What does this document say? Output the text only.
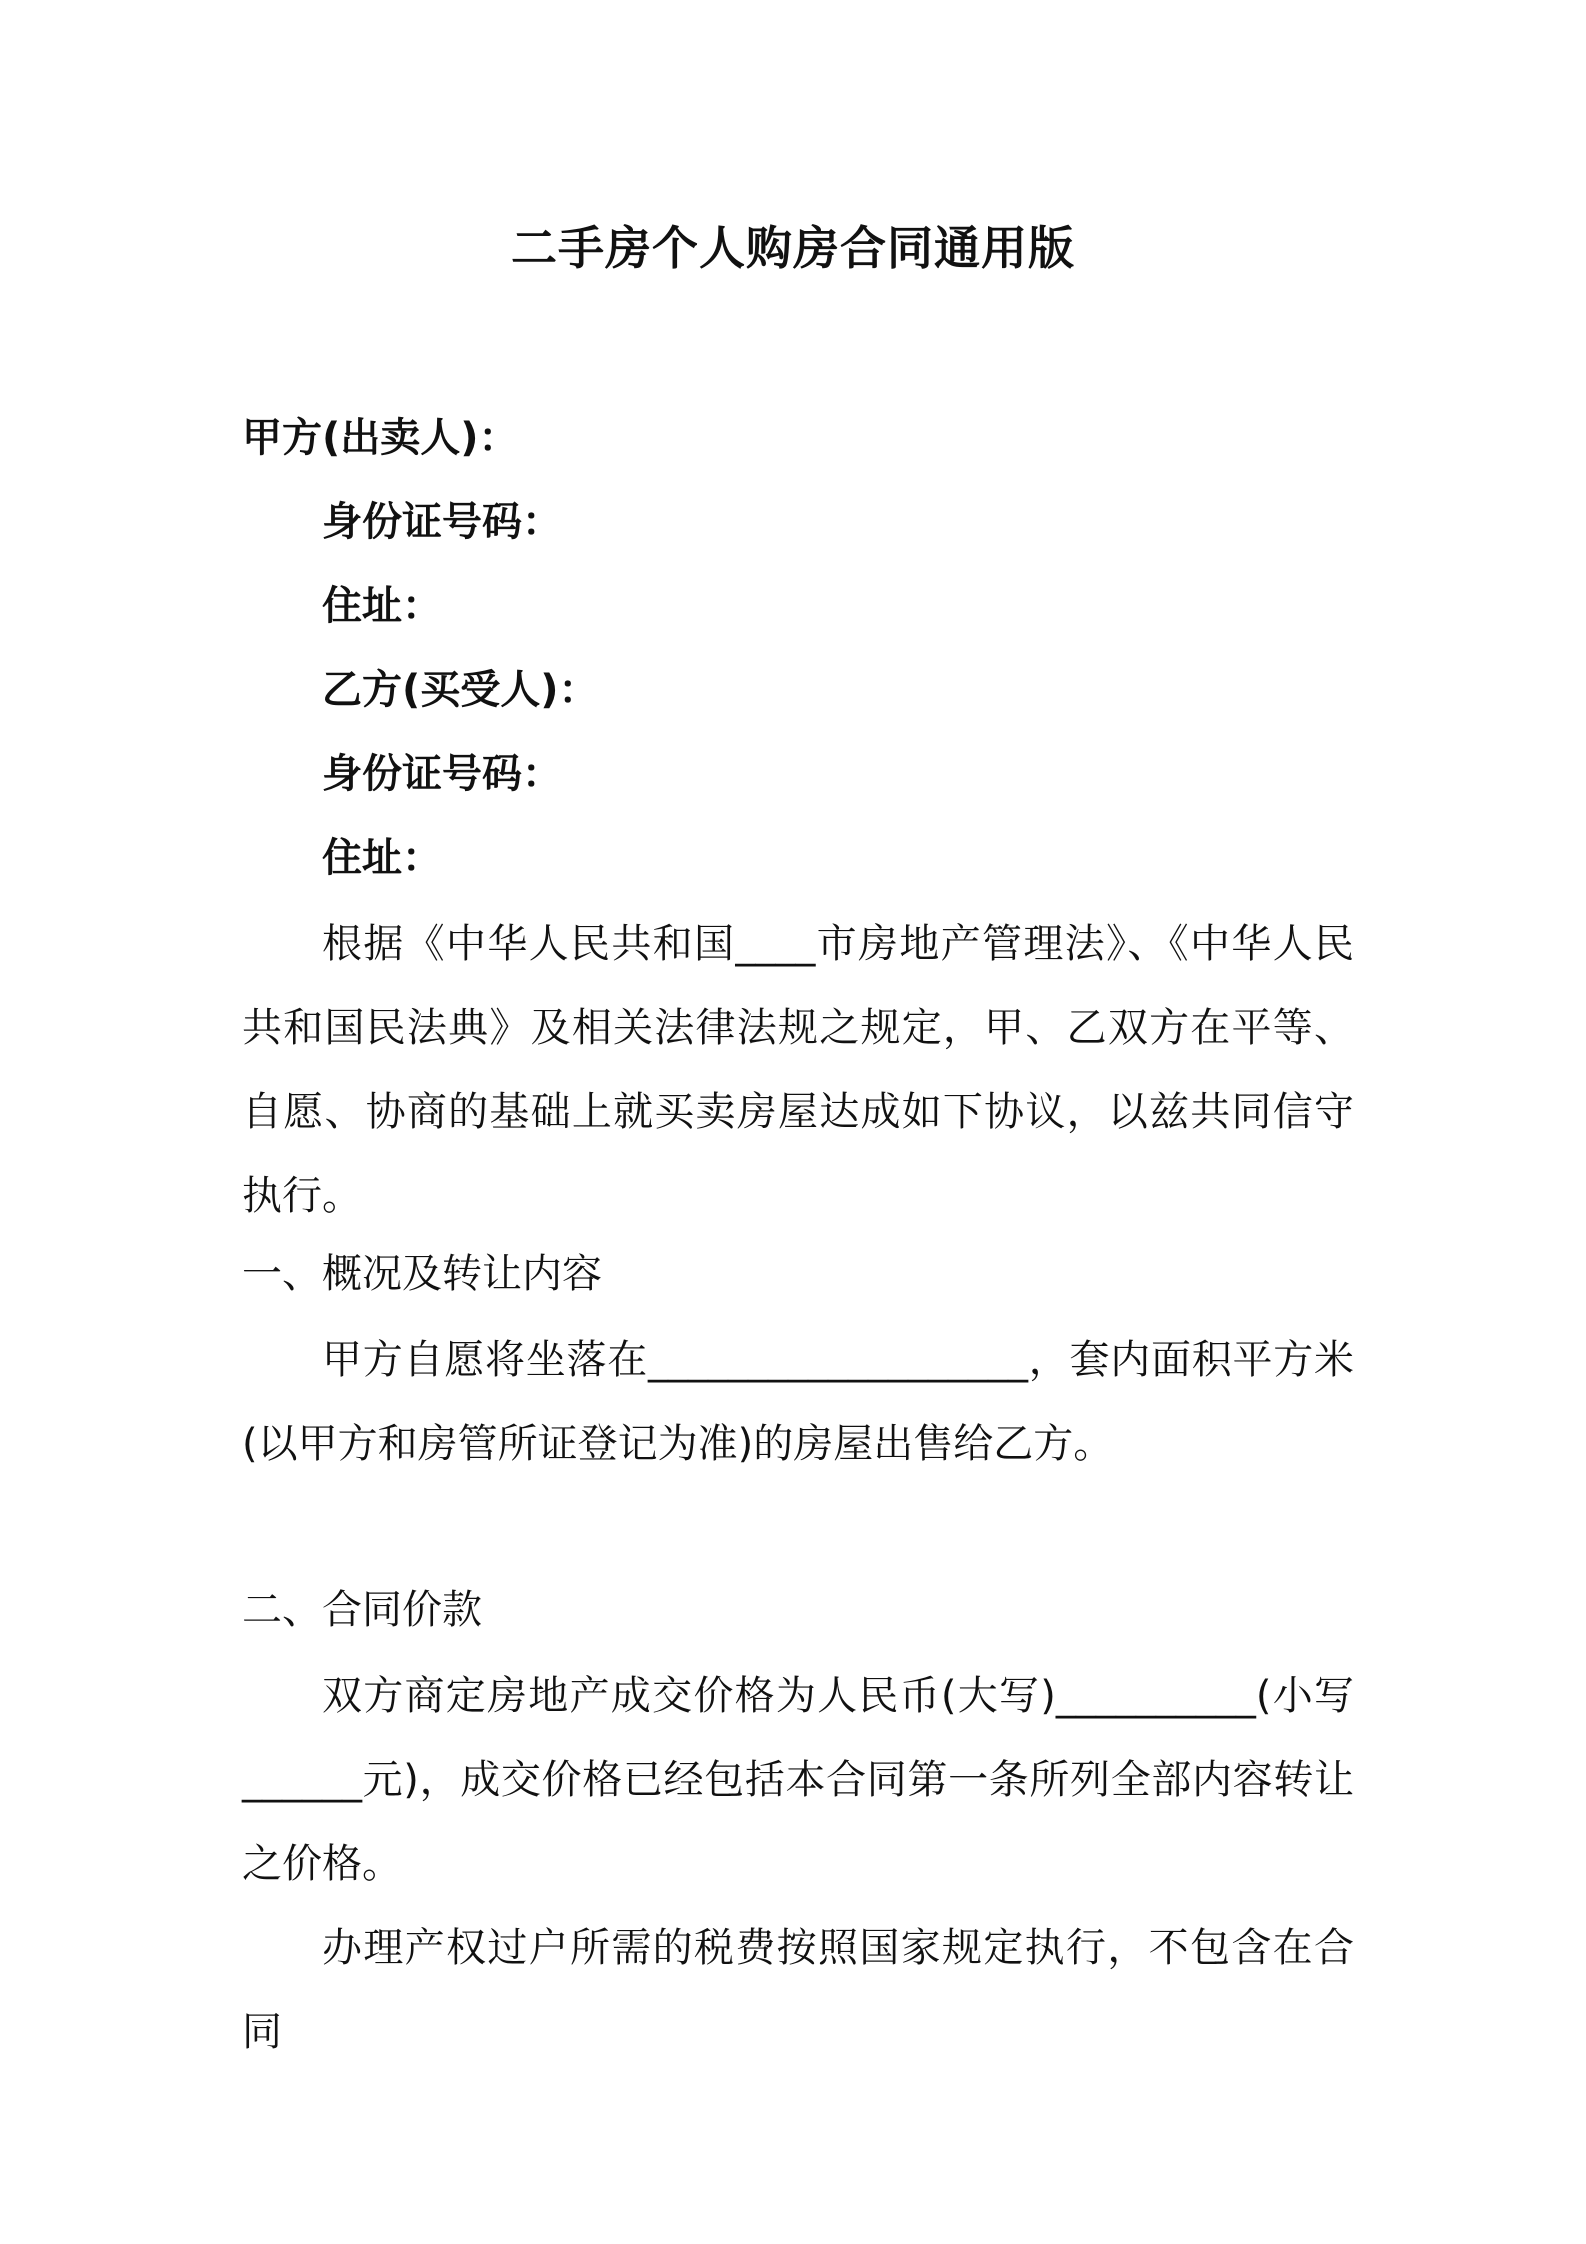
二手房个人购房合同通用版
甲方(出卖人)：
身份证号码：
住址：
乙方(买受人)：
身份证号码：
住址：
根据《中华人民共和国____市房地产管理法》、《中华人民共和国民法典》及相关法律法规之规定，甲、乙双方在平等、自愿、协商的基础上就买卖房屋达成如下协议，以兹共同信守执行。
一、概况及转让内容
甲方自愿将坐落在___________________，套内面积平方米(以甲方和房管所证登记为准)的房屋出售给乙方。
二、合同价款
双方商定房地产成交价格为人民币(大写)__________(小写______元)，成交价格已经包括本合同第一条所列全部内容转让之价格。
办理产权过户所需的税费按照国家规定执行，不包含在合同
